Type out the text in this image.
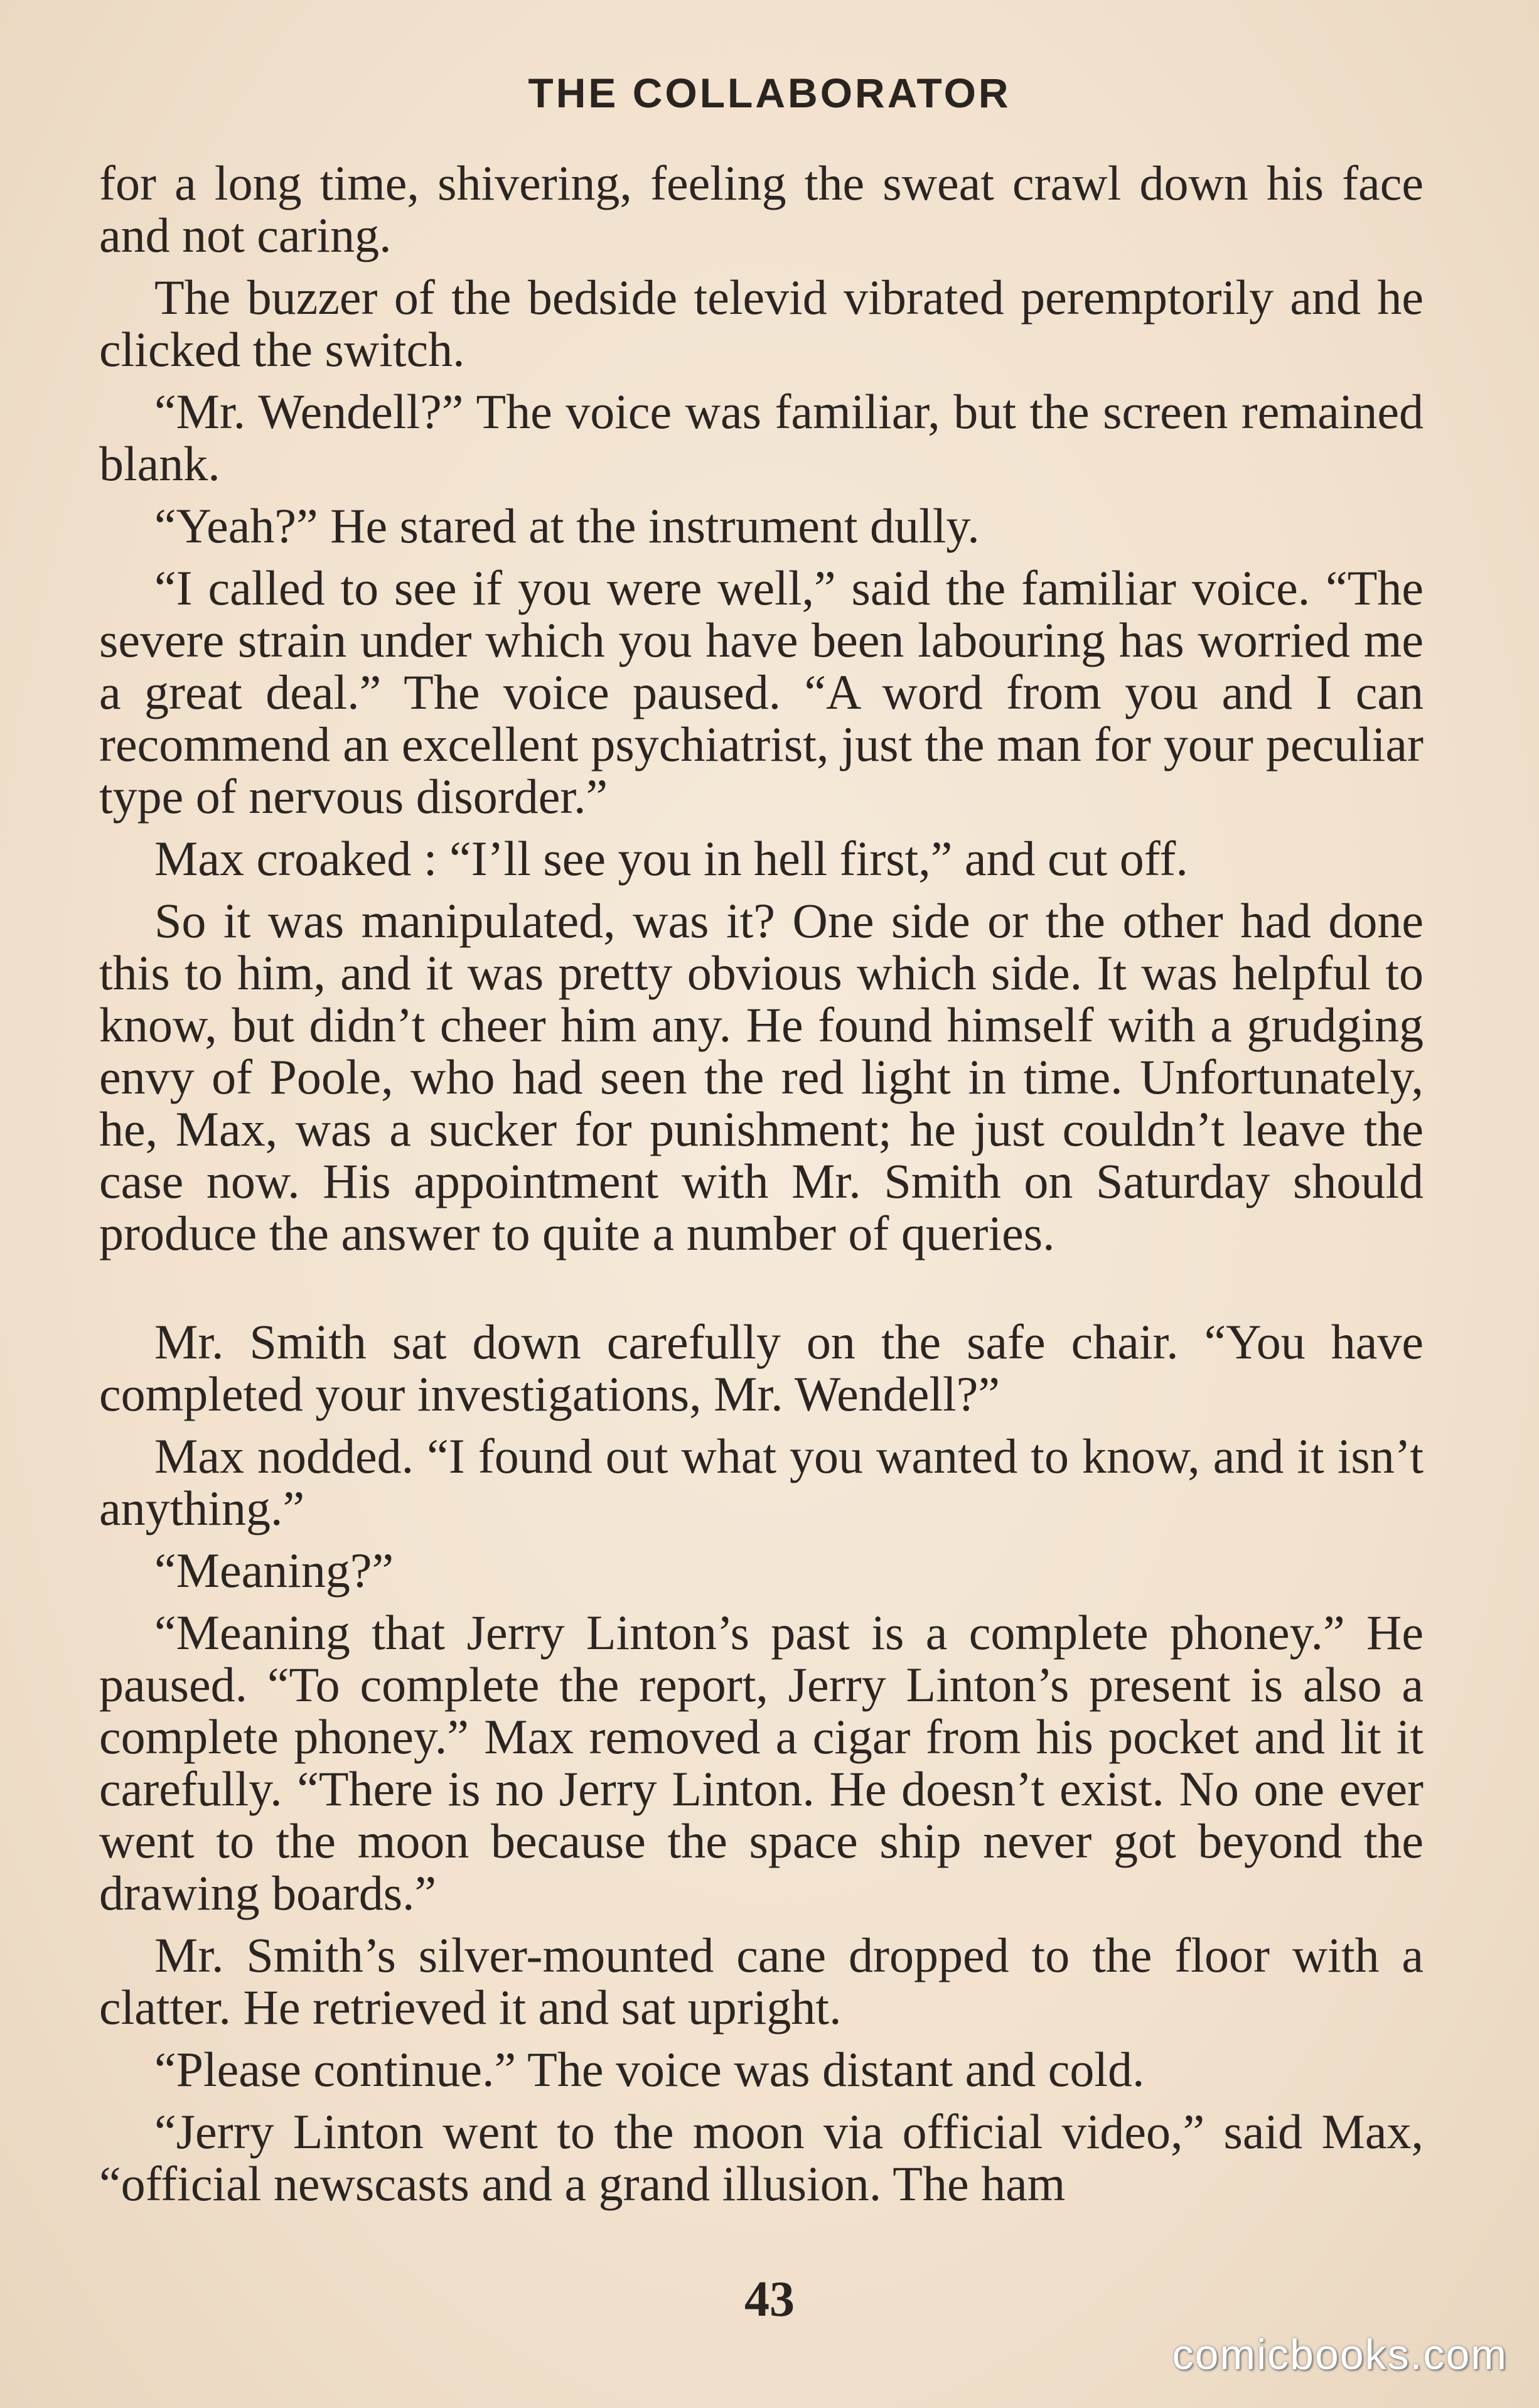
THE COLLABORATOR

for a long time, shivering, feeling the sweat crawl down his face and not caring.

The buzzer of the bedside televid vibrated peremptorily and he clicked the switch.

“Mr. Wendell?” The voice was familiar, but the screen remained blank.

“Yeah?” He stared at the instrument dully.

“I called to see if you were well,” said the familiar voice. “The severe strain under which you have been labouring has worried me a great deal.” The voice paused. “A word from you and I can recommend an excellent psychiatrist, just the man for your peculiar type of nervous disorder.”

Max croaked : “I’ll see you in hell first,” and cut off.

So it was manipulated, was it? One side or the other had done this to him, and it was pretty obvious which side. It was helpful to know, but didn’t cheer him any. He found himself with a grudging envy of Poole, who had seen the red light in time. Unfortunately, he, Max, was a sucker for punishment; he just couldn’t leave the case now. His appointment with Mr. Smith on Saturday should produce the answer to quite a number of queries.

Mr. Smith sat down carefully on the safe chair. “You have completed your investigations, Mr. Wendell?”

Max nodded. “I found out what you wanted to know, and it isn’t anything.”

“Meaning?”

“Meaning that Jerry Linton’s past is a complete phoney.” He paused. “To complete the report, Jerry Linton’s present is also a complete phoney.” Max removed a cigar from his pocket and lit it carefully. “There is no Jerry Linton. He doesn’t exist. No one ever went to the moon because the space ship never got beyond the drawing boards.”

Mr. Smith’s silver-mounted cane dropped to the floor with a clatter. He retrieved it and sat upright.

“Please continue.” The voice was distant and cold.

“Jerry Linton went to the moon via official video,” said Max, “official newscasts and a grand illusion. The ham

43
comicbooks.com
